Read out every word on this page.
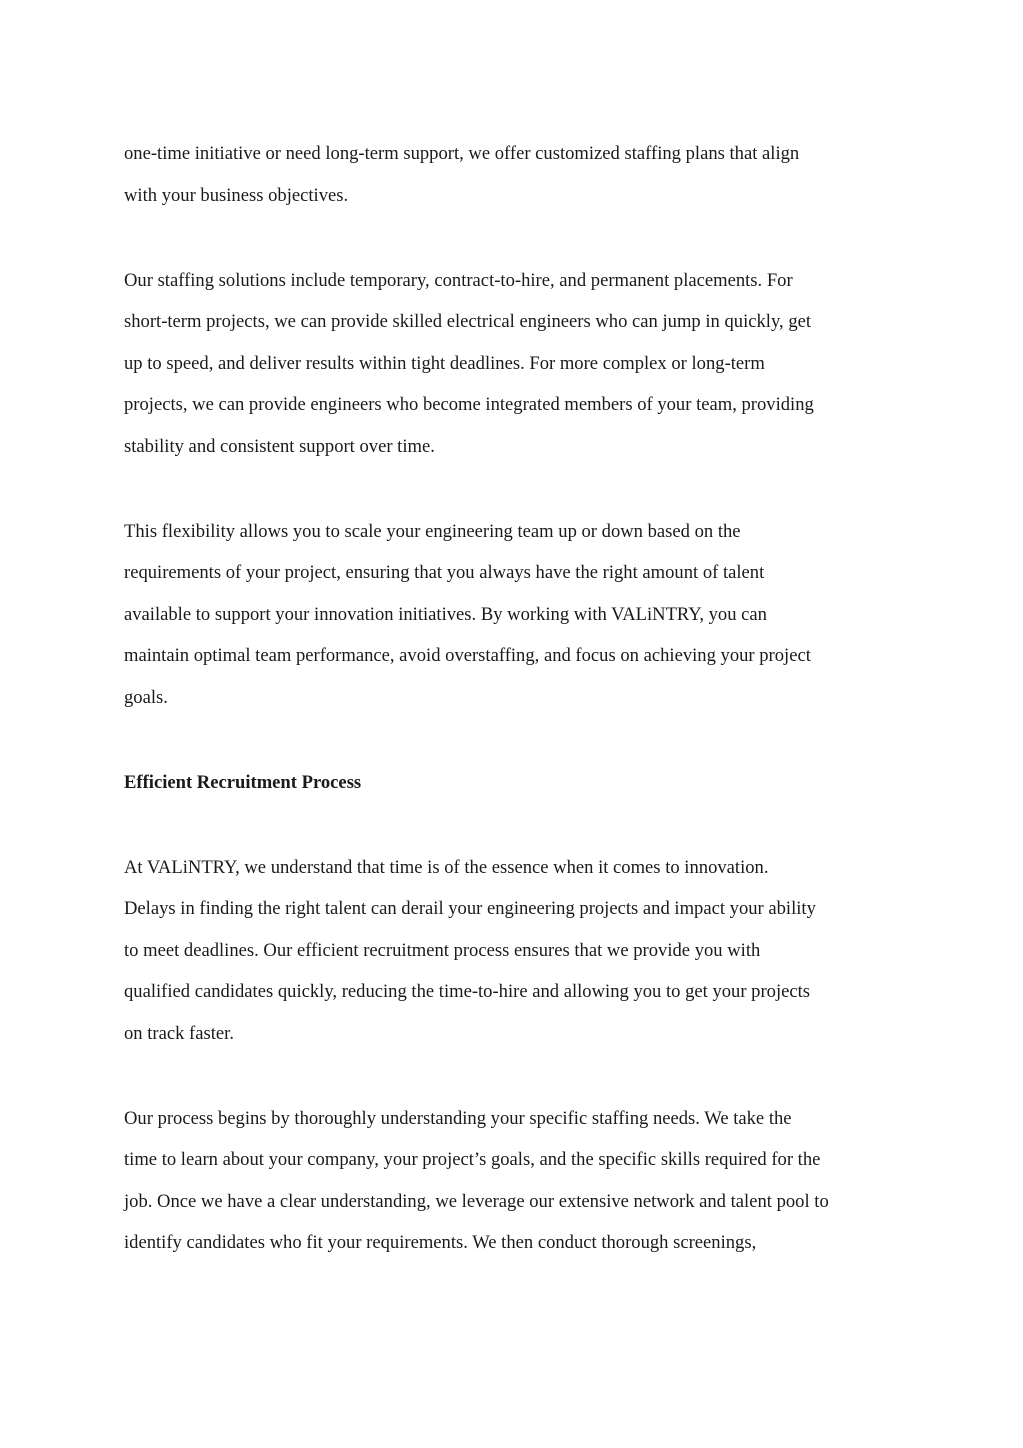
one-time initiative or need long-term support, we offer customized staffing plans that align
with your business objectives.
Our staffing solutions include temporary, contract-to-hire, and permanent placements. For
short-term projects, we can provide skilled electrical engineers who can jump in quickly, get
up to speed, and deliver results within tight deadlines. For more complex or long-term
projects, we can provide engineers who become integrated members of your team, providing
stability and consistent support over time.
This flexibility allows you to scale your engineering team up or down based on the
requirements of your project, ensuring that you always have the right amount of talent
available to support your innovation initiatives. By working with VALiNTRY, you can
maintain optimal team performance, avoid overstaffing, and focus on achieving your project
goals.
Efficient Recruitment Process
At VALiNTRY, we understand that time is of the essence when it comes to innovation.
Delays in finding the right talent can derail your engineering projects and impact your ability
to meet deadlines. Our efficient recruitment process ensures that we provide you with
qualified candidates quickly, reducing the time-to-hire and allowing you to get your projects
on track faster.
Our process begins by thoroughly understanding your specific staffing needs. We take the
time to learn about your company, your project’s goals, and the specific skills required for the
job. Once we have a clear understanding, we leverage our extensive network and talent pool to
identify candidates who fit your requirements. We then conduct thorough screenings,
